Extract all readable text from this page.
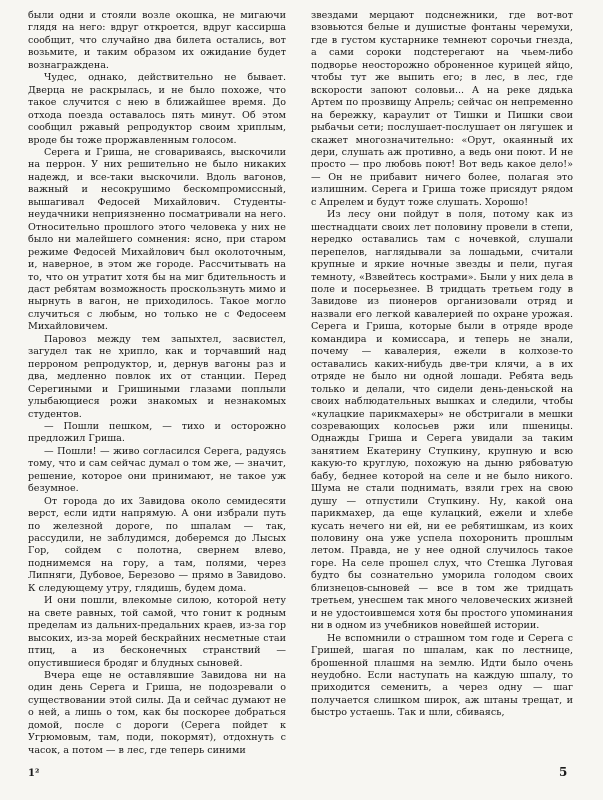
были одни и стояли возле окошка, не мигаючи глядя на него: вдруг откроется, вдруг кассирша сообщит, что случайно два билета остались, вот возьмите, и таким образом их ожидание будет вознаграждена.

Чудес, однако, действительно не бывает. Дверца не раскрылась, и не было похоже, что такое случится с нею в ближайшее время. До отхода поезда оставалось пять минут. Об этом сообщил ржавый репродуктор своим хриплым, вроде бы тоже проржавленным голосом.

Серега и Гриша, не сговариваясь, выскочили на перрон. У них решительно не было никаких надежд, и все-таки выскочили. Вдоль вагонов, важный и несокрушимо бескомпромиссный, вышагивал Федосей Михайлович. Студенты-неудачники неприязненно посматривали на него. Относительно прошлого этого человека у них не было ни малейшего сомнения: ясно, при старом режиме Федосей Михайлович был околоточным, и, наверное, в этом же городе. Рассчитывать на то, что он утратит хотя бы на миг бдительность и даст ребятам возможность проскользнуть мимо и нырнуть в вагон, не приходилось. Такое могло случиться с любым, но только не с Федосеем Михайловичем.

Паровоз между тем запыхтел, засвистел, загудел так не хрипло, как и торчавший над перроном репродуктор, и, дернув вагоны раз и два, медленно повлок их от станции. Перед Серегиными и Гришиными глазами поплыли улыбающиеся рожи знакомых и незнакомых студентов.

— Пошли пешком, — тихо и осторожно предложил Гриша.

— Пошли! — живо согласился Серега, радуясь тому, что и сам сейчас думал о том же, — значит, решение, которое они принимают, не такое уж безумное.

От города до их Завидова около семидесяти верст, если идти напрямую. А они избрали путь по железной дороге, по шпалам — так, рассудили, не заблудимся, доберемся до Лысых Гор, сойдем с полотна, свернем влево, поднимемся на гору, а там, полями, через Липняги, Дубовое, Березово — прямо в Завидово. К следующему утру, глядишь, будем дома.

И они пошли, влекомые силою, которой нету на свете равных, той самой, что гонит к родным пределам из дальних-предальних краев, из-за гор высоких, из-за морей бескрайних несметные стаи птиц, а из бесконечных странствий — опустившиеся бродяг и блудных сыновей.

Вчера еще не оставлявшие Завидова ни на один день Серега и Гриша, не подозревали о существовании этой силы. Да и сейчас думают не о ней, а лишь о том, как бы поскорее добраться домой, после с дороги (Серега пойдет к Угрюмовым, там, поди, покормят), отдохнуть с часок, а потом — в лес, где теперь синими

звездами мерцают подснежники, где вот-вот взовьются белые и душистые фонтаны черемухи, где в густом кустарнике темнеют сорочьи гнезда, а сами сороки подстерегают на чьем-либо подворье неосторожно оброненное курицей яйцо, чтобы тут же выпить его; в лес, в лес, где вскорости запоют соловьи... А на реке дядька Артем по прозвищу Апрель; сейчас он непременно на бережку, караулит от Тишки и Пишки свои рыбачьи сети; послушает-послушает он лягушек и скажет многозначительно: «Орут, окаянный их дери, слушать аж противно, а ведь они поют. И не просто — про любовь поют! Вот ведь какое дело!» — Он не прибавит ничего более, полагая это излишним. Серега и Гриша тоже присядут рядом с Апрелем и будут тоже слушать. Хорошо!

Из лесу они пойдут в поля, потому как из шестнадцати своих лет половину провели в степи, нередко оставались там с ночевкой, слушали перепелов, наглядывали за лошадьми, считали крупные и яркие ночные звезды и пели, пугая темноту, «Взвейтесь кострами». Были у них дела в поле и посерьезнее. В тридцать третьем году в Завидове из пионеров организовали отряд и назвали его легкой кавалерией по охране урожая. Серега и Гриша, которые были в отряде вроде командира и комиссара, и теперь не знали, почему — кавалерия, ежели в колхозе-то оставались каких-нибудь две-три клячи, а в их отряде не было ни одной лошади. Ребята ведь только и делали, что сидели день-деньской на своих наблюдательных вышках и следили, чтобы «кулацкие парикмахеры» не обстригали в мешки созревающих колосьев ржи или пшеницы. Однажды Гриша и Серега увидали за таким занятием Екатерину Ступкину, крупную и всю какую-то круглую, похожую на дыню рябоватую бабу, беднее которой на селе и не было никого. Шума не стали поднимать, взяли грех на свою душу — отпустили Ступкину. Ну, какой она парикмахер, да еще кулацкий, ежели и хлебе кусать нечего ни ей, ни ее ребятишкам, из коих половину она уже успела похоронить прошлым летом. Правда, не у нее одной случилось такое горе. На селе прошел слух, что Стешка Луговая будто бы сознательно уморила голодом своих близнецов-сыновей — все в том же тридцать третьем, унесшем так много человеческих жизней и не удостоившемся хотя бы простого упоминания ни в одном из учебников новейшей истории.

Не вспомнили о страшном том годе и Серега с Гришей, шагая по шпалам, как по лестнице, брошенной плашмя на землю. Идти было очень неудобно. Если наступать на каждую шпалу, то приходится семенить, а через одну — шаг получается слишком широк, аж штаны трещат, и быстро устаешь. Так и шли, сбиваясь,

1²	5
